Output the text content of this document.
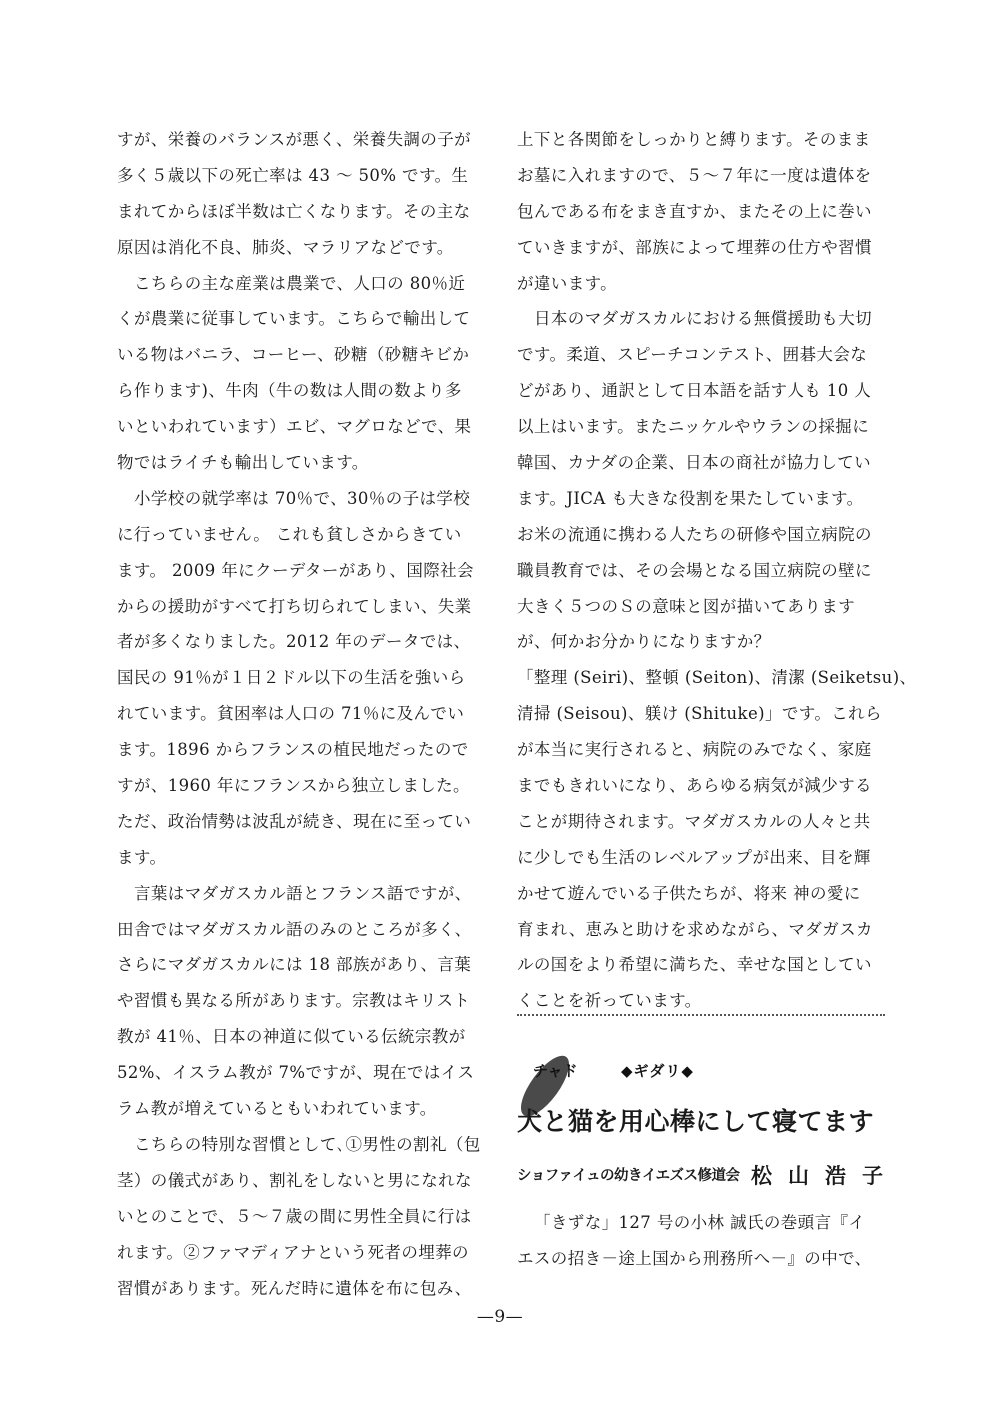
すが、栄養のバランスが悪く、栄養失調の子が
多く５歳以下の死亡率は 43 〜 50% です。生
まれてからほぼ半数は亡くなります。その主な
原因は消化不良、肺炎、マラリアなどです。
こちらの主な産業は農業で、人口の 80％近
くが農業に従事しています。こちらで輸出して
いる物はバニラ、コーヒー、砂糖（砂糖キビか
ら作ります)、牛肉（牛の数は人間の数より多
いといわれています）エビ、マグロなどで、果
物ではライチも輸出しています。
小学校の就学率は 70％で、30％の子は学校
に行っていません。 これも貧しさからきてい
ます。 2009 年にクーデターがあり、国際社会
からの援助がすべて打ち切られてしまい、失業
者が多くなりました。2012 年のデータでは、
国民の 91％が１日２ドル以下の生活を強いら
れています。貧困率は人口の 71％に及んでい
ます。1896 からフランスの植民地だったので
すが、1960 年にフランスから独立しました。
ただ、政治情勢は波乱が続き、現在に至ってい
ます。
言葉はマダガスカル語とフランス語ですが、
田舎ではマダガスカル語のみのところが多く、
さらにマダガスカルには 18 部族があり、言葉
や習慣も異なる所があります。宗教はキリスト
教が 41％、日本の神道に似ている伝統宗教が
52%、イスラム教が 7%ですが、現在ではイス
ラム教が増えているともいわれています。
こちらの特別な習慣として､①男性の割礼（包
茎）の儀式があり、割礼をしないと男になれな
いとのことで、５〜７歳の間に男性全員に行は
れます。②ファマディアナという死者の埋葬の
習慣があります。死んだ時に遺体を布に包み、
上下と各関節をしっかりと縛ります。そのまま
お墓に入れますので、５〜７年に一度は遺体を
包んである布をまき直すか、またその上に巻い
ていきますが、部族によって埋葬の仕方や習慣
が違います。
日本のマダガスカルにおける無償援助も大切
です。柔道、スピーチコンテスト、囲碁大会な
どがあり、通訳として日本語を話す人も 10 人
以上はいます。またニッケルやウランの採掘に
韓国、カナダの企業、日本の商社が協力してい
ます。JICA も大きな役割を果たしています。
お米の流通に携わる人たちの研修や国立病院の
職員教育では、その会場となる国立病院の壁に
大きく５つのＳの意味と図が描いてあります
が、何かお分かりになりますか？
「整理 (Seiri)、整頓 (Seiton)、清潔 (Seiketsu)、
清掃 (Seisou)、躾け (Shituke)」です。これら
が本当に実行されると、病院のみでなく、家庭
までもきれいになり、あらゆる病気が減少する
ことが期待されます。マダガスカルの人々と共
に少しでも生活のレベルアップが出来、目を輝
かせて遊んでいる子供たちが、将来 神の愛に
育まれ、恵みと助けを求めながら、マダガスカ
ルの国をより希望に満ちた、幸せな国としてい
くことを祈っています。
チャド	◆ギダリ◆
犬と猫を用心棒にして寝てます
ショファイュの幼きイエズス修道会 松山浩子
「きずな」127 号の小林 誠氏の巻頭言『イ
エスの招き－途上国から刑務所へ－』の中で、
—9—
